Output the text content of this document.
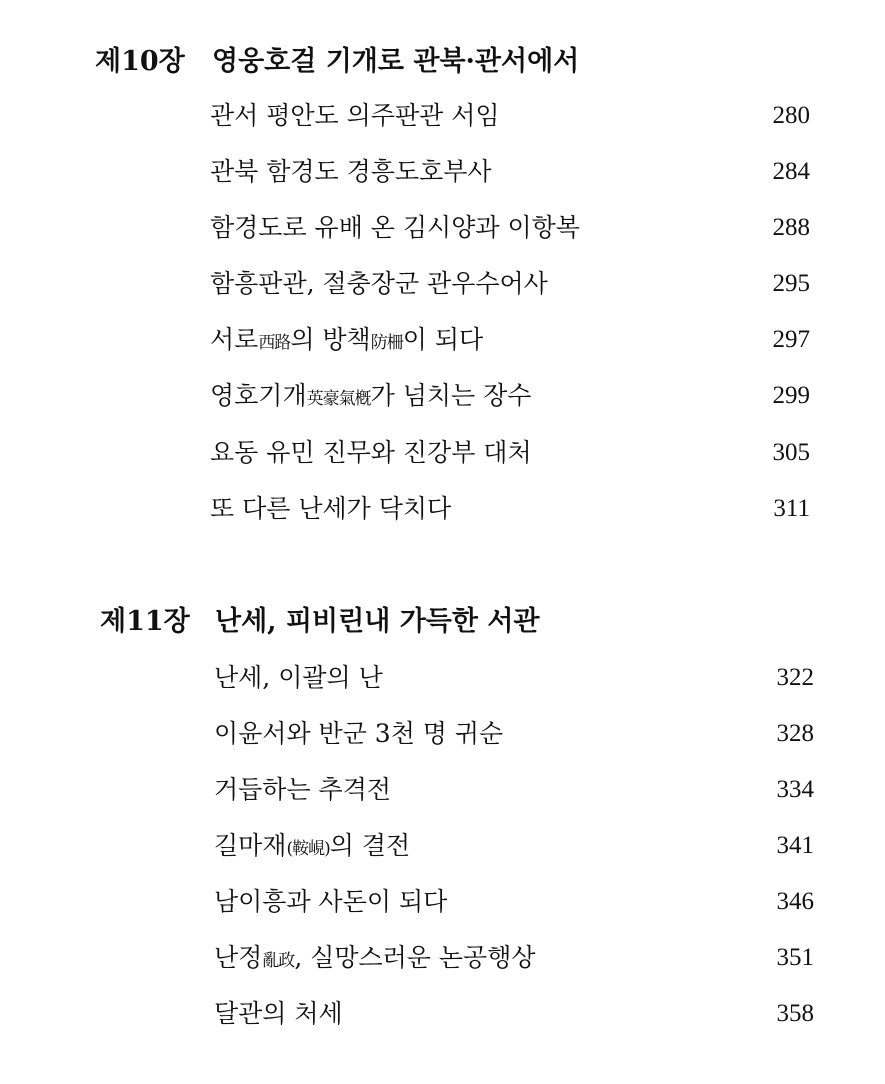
제10장 영웅호걸 기개로 관북·관서에서
관서 평안도 의주판관 서임	280
관북 함경도 경흥도호부사	284
함경도로 유배 온 김시양과 이항복	288
함흥판관, 절충장군 관우수어사	295
서로西路의 방책防柵이 되다	297
영호기개英豪氣槪가 넘치는 장수	299
요동 유민 진무와 진강부 대처	305
또 다른 난세가 닥치다	311
제11장 난세, 피비린내 가득한 서관
난세, 이괄의 난	322
이윤서와 반군 3천 명 귀순	328
거듭하는 추격전	334
길마재(鞍峴)의 결전	341
남이흥과 사돈이 되다	346
난정亂政, 실망스러운 논공행상	351
달관의 처세	358
